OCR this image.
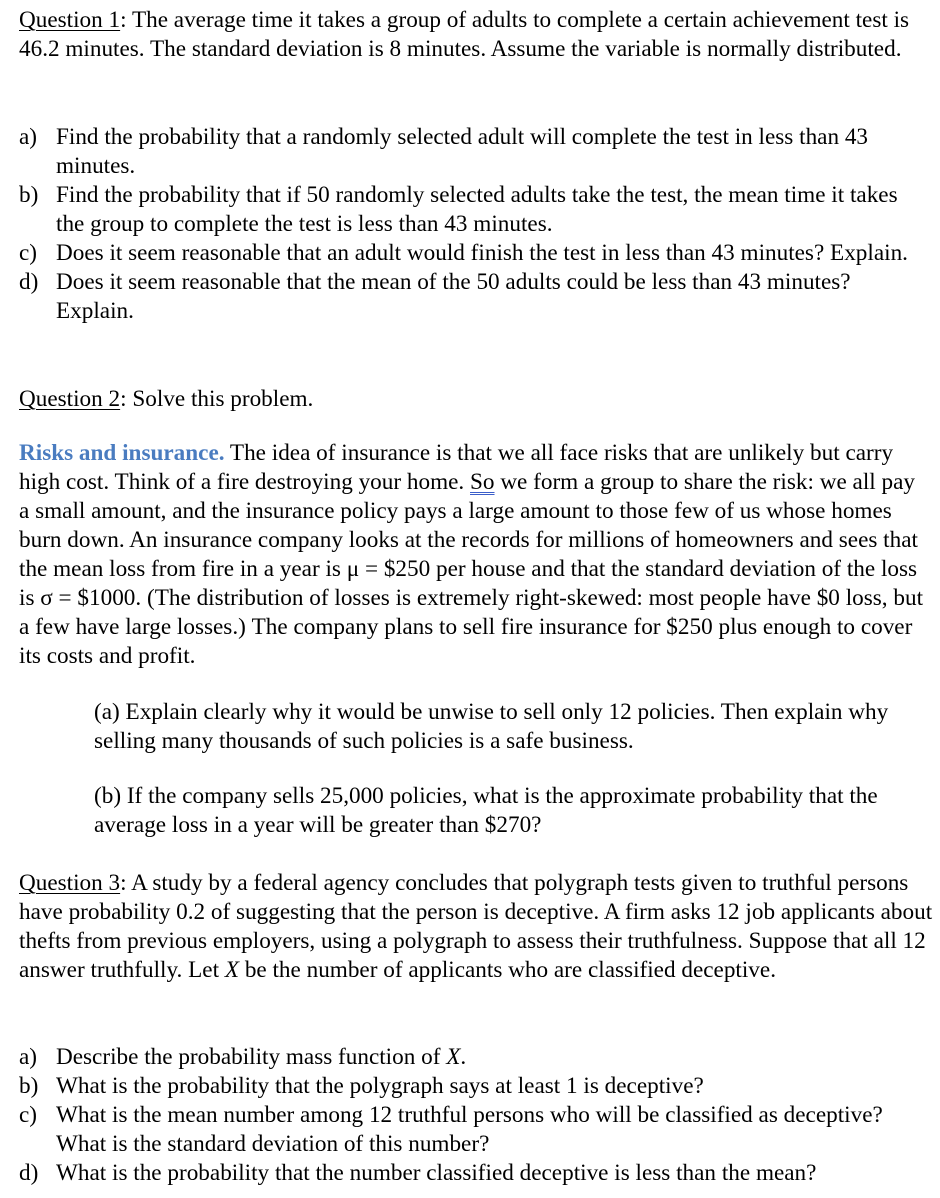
Question 1: The average time it takes a group of adults to complete a certain achievement test is 46.2 minutes. The standard deviation is 8 minutes. Assume the variable is normally distributed.

a) Find the probability that a randomly selected adult will complete the test in less than 43 minutes.

b) Find the probability that if 50 randomly selected adults take the test, the mean time it takes the group to complete the test is less than 43 minutes.

c) Does it seem reasonable that an adult would finish the test in less than 43 minutes? Explain.

d) Does it seem reasonable that the mean of the 50 adults could be less than 43 minutes? Explain.

Question 2: Solve this problem.
Risks and insurance. The idea of insurance is that we all face risks that are unlikely but carry high cost. Think of a fire destroying your home. So we form a group to share the risk: we all pay a small amount, and the insurance policy pays a large amount to those few of us whose homes burn down. An insurance company looks at the records for millions of homeowners and sees that the mean loss from fire in a year is μ = $250 per house and that the standard deviation of the loss is σ = $1000. (The distribution of losses is extremely right-skewed: most people have $0 loss, but a few have large losses.) The company plans to sell fire insurance for $250 plus enough to cover its costs and profit.
(a) Explain clearly why it would be unwise to sell only 12 policies. Then explain why selling many thousands of such policies is a safe business.
(b) If the company sells 25,000 policies, what is the approximate probability that the average loss in a year will be greater than $270?
Question 3: A study by a federal agency concludes that polygraph tests given to truthful persons have probability 0.2 of suggesting that the person is deceptive. A firm asks 12 job applicants about thefts from previous employers, using a polygraph to assess their truthfulness. Suppose that all 12 answer truthfully. Let X be the number of applicants who are classified deceptive.

a) Describe the probability mass function of X.

b) What is the probability that the polygraph says at least 1 is deceptive?

c) What is the mean number among 12 truthful persons who will be classified as deceptive? What is the standard deviation of this number?

d) What is the probability that the number classified deceptive is less than the mean?
